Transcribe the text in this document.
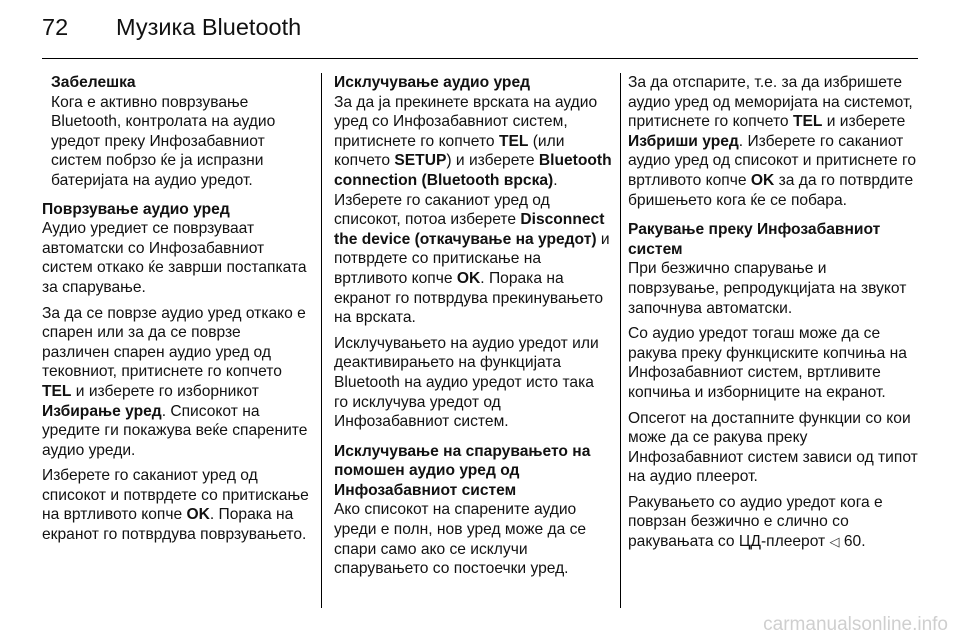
72 Музика Bluetooth
Забелешка
Кога е активно поврзување Bluetooth, контролата на аудио уредот преку Инфозабавниот систем побрзо ќе ја испразни батеријата на аудио уредот.
Поврзување аудио уред

Аудио уредиет се поврзуваат автоматски со Инфозабавниот систем откако ќе заврши постапката за спарување.

За да се поврзе аудио уред откако е спарен или за да се поврзе различен спарен аудио уред од тековниот, притиснете го копчето TEL и изберете го изборникот Избирање уред. Списокот на уредите ги покажува веќе спарените аудио уреди.

Изберете го саканиот уред од списокот и потврдете со притискање на вртливото копче OK. Порака на екранот го потврдува поврзувањето.

Исклучување аудио уред

За да ја прекинете врската на аудио уред со Инфозабавниот систем, притиснете го копчето TEL (или копчето SETUP) и изберете Bluetooth connection (Bluetooth врска). Изберете го саканиот уред од списокот, потоа изберете Disconnect the device (откачување на уредот) и потврдете со притискање на вртливото копче OK. Порака на екранот го потврдува прекинувањето на врската.

Исклучувањето на аудио уредот или деактивирањето на функцијата Bluetooth на аудио уредот исто така го исклучува уредот од Инфозабавниот систем.

Исклучување на спарувањето на помошен аудио уред од Инфозабавниот систем

Ако списокот на спарените аудио уреди е полн, нов уред може да се спари само ако се исклучи спарувањето со постоечки уред.

За да отспарите, т.е. за да избришете аудио уред од меморијата на системот, притиснете го копчето TEL и изберете Избриши уред. Изберете го саканиот аудио уред од списокот и притиснете го вртливото копче OK за да го потврдите бришењето кога ќе се побара.

Ракување преку Инфозабавниот систем

При безжично спарување и поврзување, репродукцијата на звукот започнува автоматски.

Со аудио уредот тогаш може да се ракува преку функциските копчиња на Инфозабавниот систем, вртливите копчиња и изборниците на екранот.

Опсегот на достапните функции со кои може да се ракува преку Инфозабавниот систем зависи од типот на аудио плеерот.

Ракувањето со аудио уредот кога е поврзан безжично е слично со ракувањата со ЦД-плеерот ◁ 60.

carmanualsonline.info
